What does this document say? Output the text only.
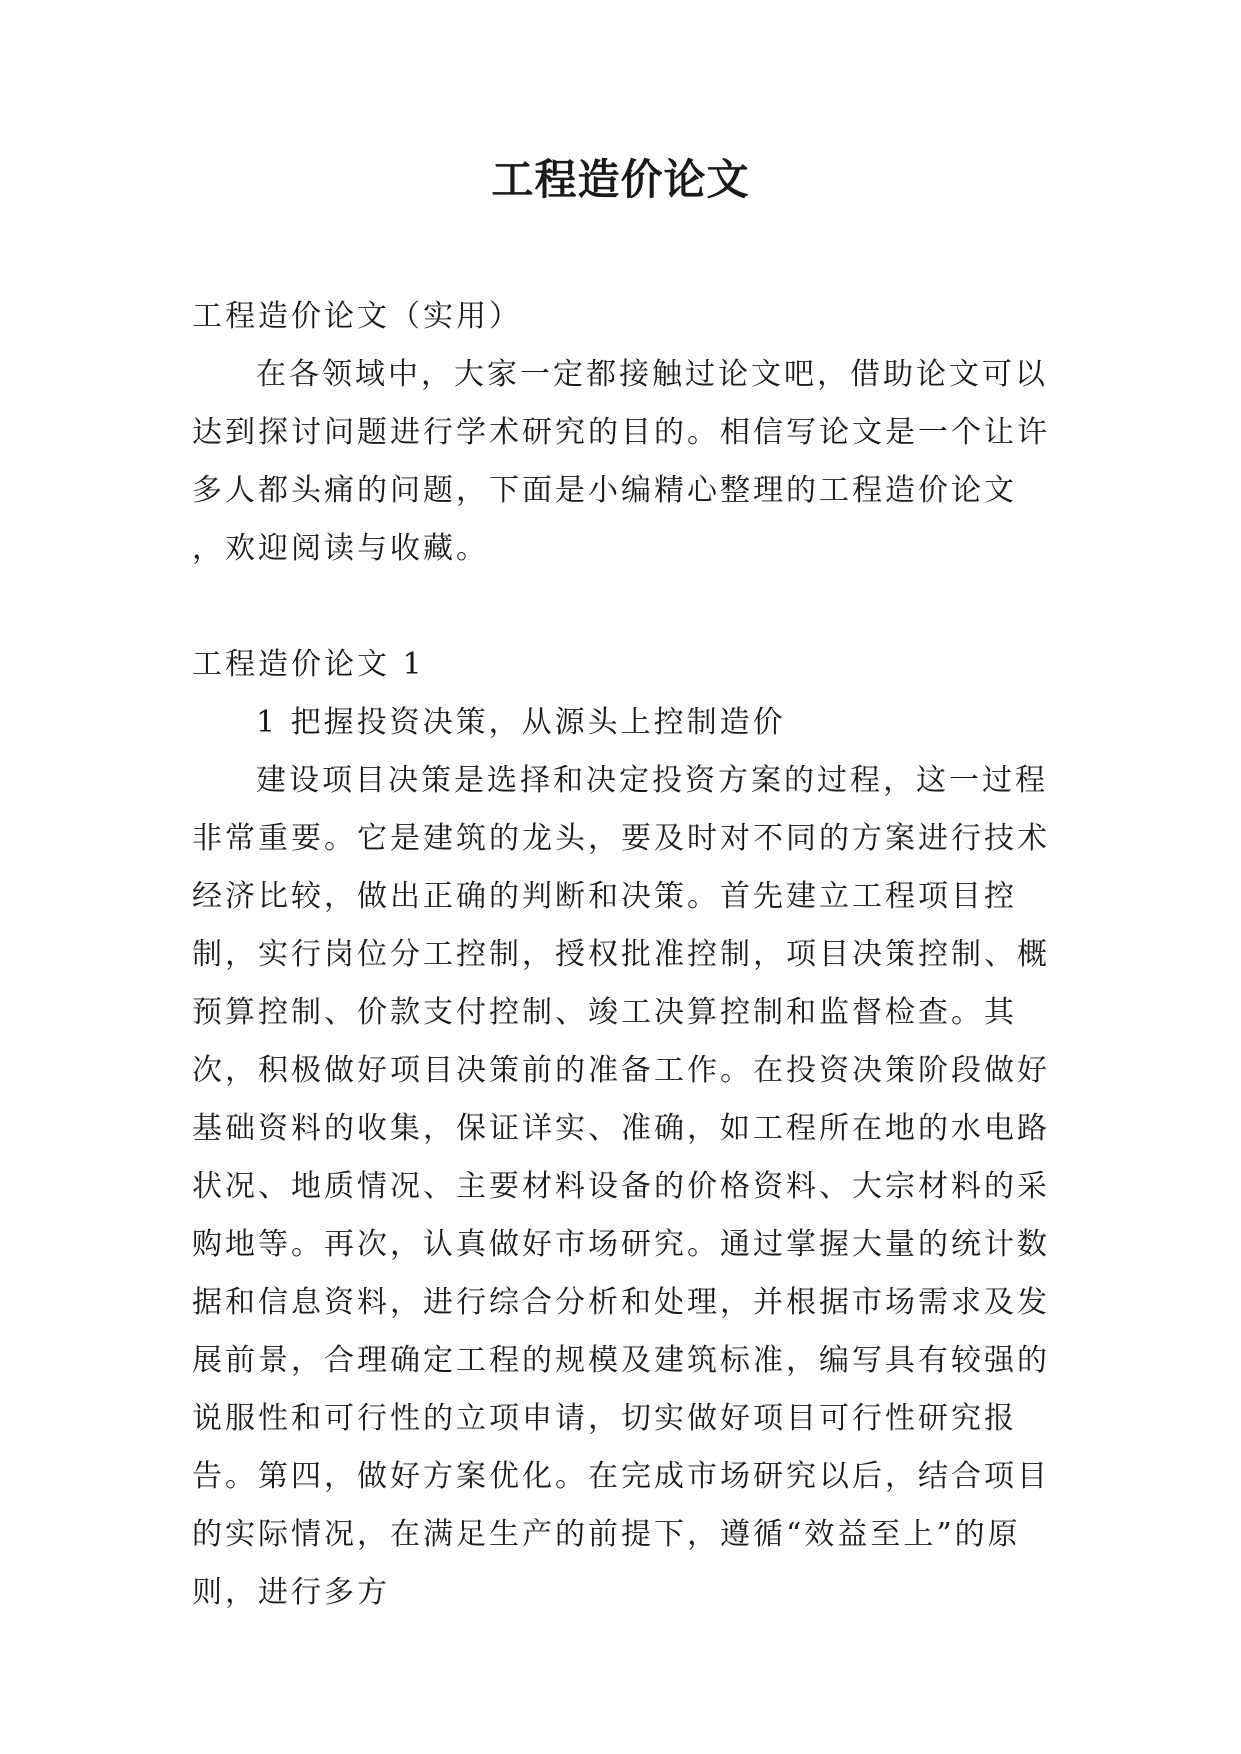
工程造价论文

工程造价论文（实用）

在各领域中，大家一定都接触过论文吧，借助论文可以达到探讨问题进行学术研究的目的。相信写论文是一个让许多人都头痛的问题，下面是小编精心整理的工程造价论文 ，欢迎阅读与收藏。

工程造价论文 1

1 把握投资决策，从源头上控制造价

建设项目决策是选择和决定投资方案的过程，这一过程非常重要。它是建筑的龙头，要及时对不同的方案进行技术经济比较，做出正确的判断和决策。首先建立工程项目控制，实行岗位分工控制，授权批准控制，项目决策控制、概预算控制、价款支付控制、竣工决算控制和监督检查。其次，积极做好项目决策前的准备工作。在投资决策阶段做好基础资料的收集，保证详实、准确，如工程所在地的水电路状况、地质情况、主要材料设备的价格资料、大宗材料的采购地等。再次，认真做好市场研究。通过掌握大量的统计数据和信息资料，进行综合分析和处理，并根据市场需求及发展前景，合理确定工程的规模及建筑标准，编写具有较强的说服性和可行性的立项申请，切实做好项目可行性研究报告。第四，做好方案优化。在完成市场研究以后，结合项目的实际情况，在满足生产的前提下，遵循“效益至上”的原则，进行多方
